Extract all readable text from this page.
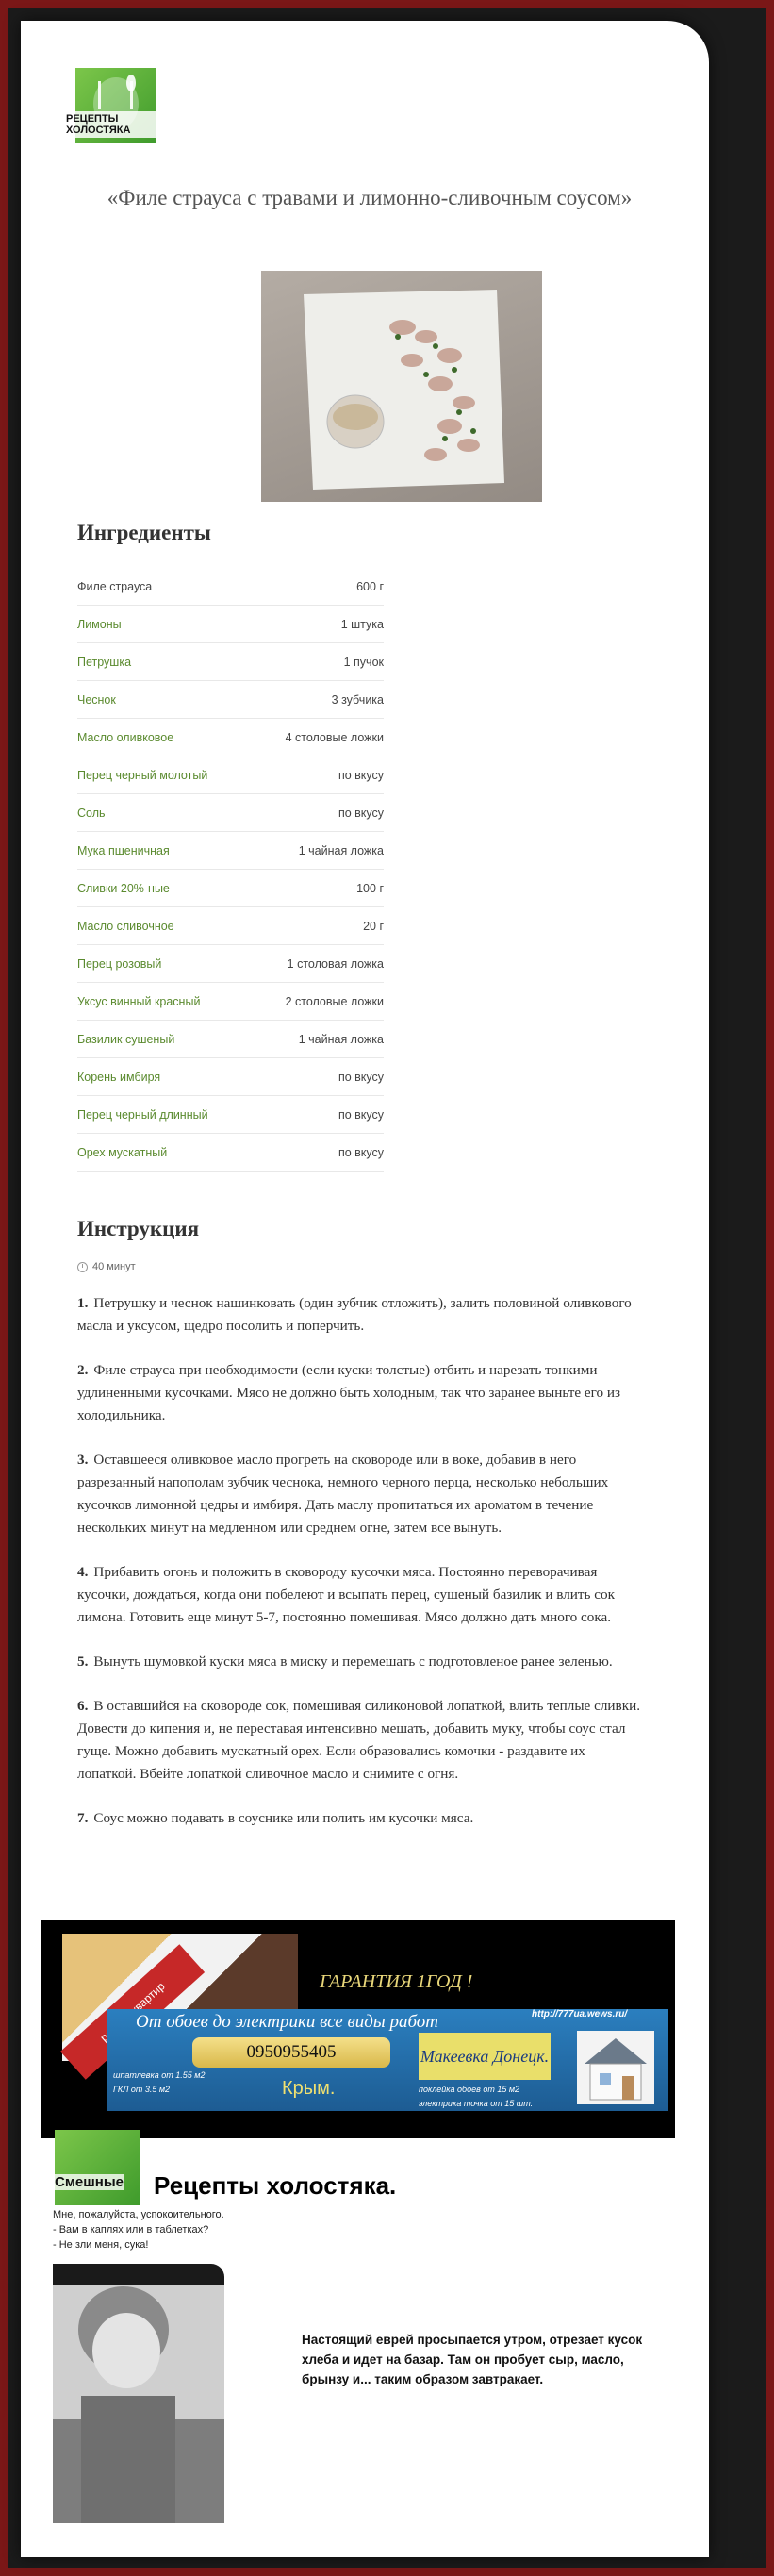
РЕЦЕПТЫ ХОЛОСТЯКА
«Филе страуса с травами и лимонно-сливочным соусом»
Ингредиенты
Филе страуса	600 г
Лимоны	1 штука
Петрушка	1 пучок
Чеснок	3 зубчика
Масло оливковое	4 столовые ложки
Перец черный молотый	по вкусу
Соль	по вкусу
Мука пшеничная	1 чайная ложка
Сливки 20%-ные	100 г
Масло сливочное	20 г
Перец розовый	1 столовая ложка
Уксус винный красный	2 столовые ложки
Базилик сушеный	1 чайная ложка
Корень имбиря	по вкусу
Перец черный длинный	по вкусу
Орех мускатный	по вкусу
Инструкция
40 минут

1. Петрушку и чеснок нашинковать (один зубчик отложить), залить половиной оливкового масла и уксусом, щедро посолить и поперчить.

2. Филе страуса при необходимости (если куски толстые) отбить и нарезать тонкими удлиненными кусочками. Мясо не должно быть холодным, так что заранее выньте его из холодильника.

3. Оставшееся оливковое масло прогреть на сковороде или в воке, добавив в него разрезанный напополам зубчик чеснока, немного черного перца, несколько небольших кусочков лимонной цедры и имбиря. Дать маслу пропитаться их ароматом в течение нескольких минут на медленном или среднем огне, затем все вынуть.

4. Прибавить огонь и положить в сковороду кусочки мяса. Постоянно переворачивая кусочки, дождаться, когда они побелеют и всыпать перец, сушеный базилик и влить сок лимона. Готовить еще минут 5-7, постоянно помешивая. Мясо должно дать много сока.

5. Вынуть шумовкой куски мяса в миску и перемешать с подготовленое ранее зеленью.

6. В оставшийся на сковороде сок, помешивая силиконовой лопаткой, влить теплые сливки. Довести до кипения и, не переставая интенсивно мешать, добавить муку, чтобы соус стал гуще. Можно добавить мускатный орех. Если образовались комочки - раздавите их лопаткой. Вбейте лопаткой сливочное масло и снимите с огня.

7. Соус можно подавать в соуснике или полить им кусочки мяса.

квартир	ГАРАНТИЯ 1ГОД !
От обоев до электрики все виды работ	http://777ua.wews.ru/
0950955405	Макеевка Донецк.
шпатлевка от 1.55 м2
ГКЛ от 3.5 м2	поклейка обоев от 15 м2
электрика точка от 15 шт.
Крым.
Смешные Рецепты холостяка.
Мне, пожалуйста, успокоительного.
- Вам в каплях или в таблетках?
- Не зли меня, сука!
Настоящий еврей просыпается утром, отрезает кусок хлеба и идет на базар. Там он пробует сыр, масло, брынзу и... таким образом завтракает.
